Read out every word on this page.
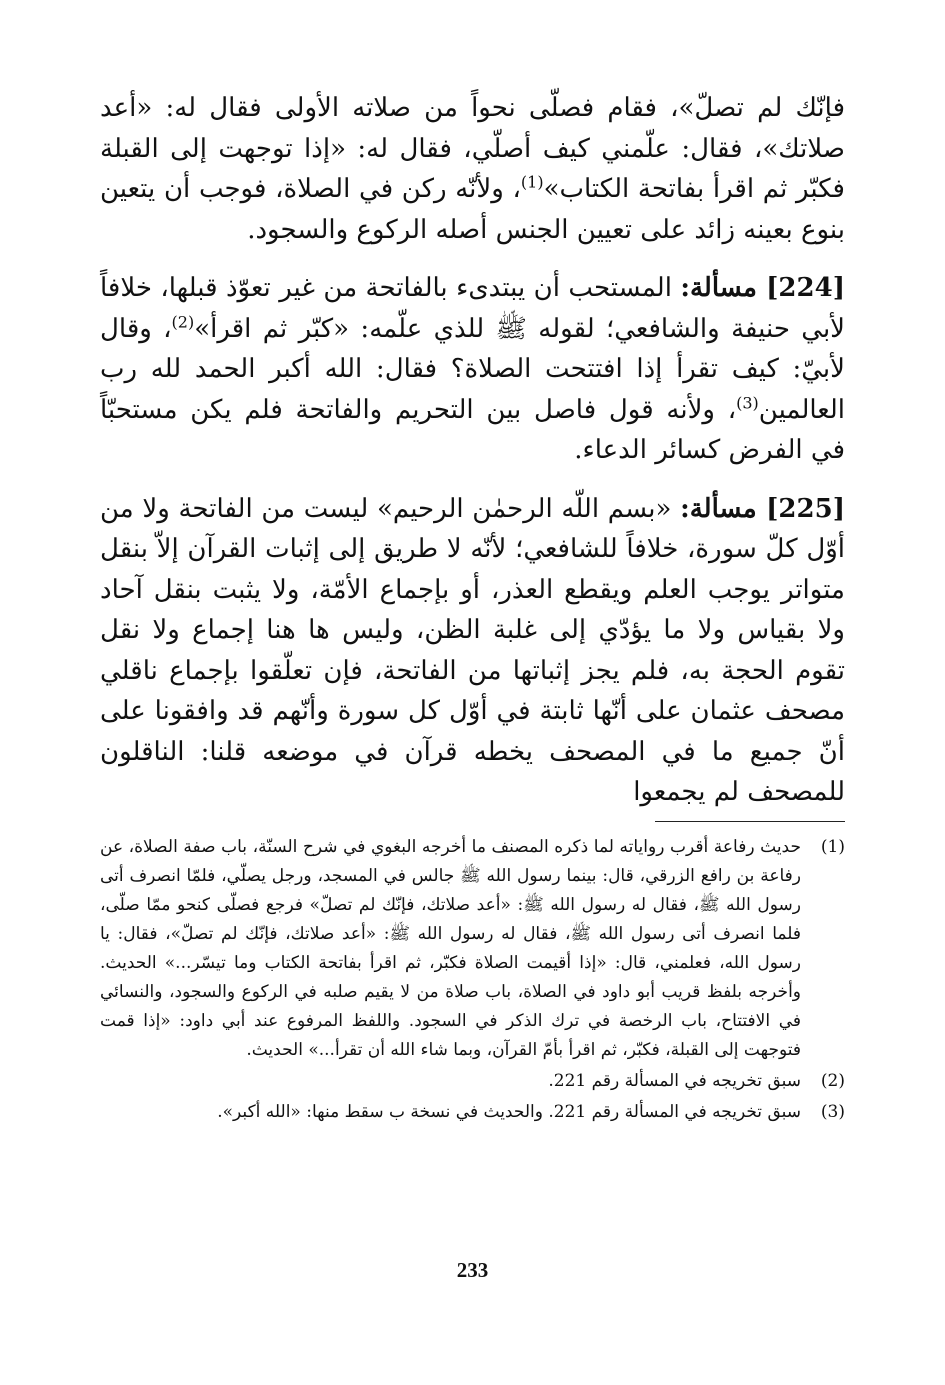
فإنّك لم تصلّ»، فقام فصلّى نحواً من صلاته الأولى فقال له: «أعد صلاتك»، فقال: علّمني كيف أصلّي، فقال له: «إذا توجهت إلى القبلة فكبّر ثم اقرأ بفاتحة الكتاب»$^{(1)}$، ولأنّه ركن في الصلاة، فوجب أن يتعين بنوع بعينه زائد على تعيين الجنس أصله الركوع والسجود.

[224] مسألة: المستحب أن يبتدىء بالفاتحة من غير تعوّذ قبلها، خلافاً لأبي حنيفة والشافعي؛ لقوله ﷺ للذي علّمه: «كبّر ثم اقرأ»$^{(2)}$، وقال لأبيّ: كيف تقرأ إذا افتتحت الصلاة؟ فقال: الله أكبر الحمد لله رب العالمين$^{(3)}$، ولأنه قول فاصل بين التحريم والفاتحة فلم يكن مستحبّاً في الفرض كسائر الدعاء.

[225] مسألة: «بسم اللّه الرحمٰن الرحيم» ليست من الفاتحة ولا من أوّل كلّ سورة، خلافاً للشافعي؛ لأنّه لا طريق إلى إثبات القرآن إلاّ بنقل متواتر يوجب العلم ويقطع العذر، أو بإجماع الأمّة، ولا يثبت بنقل آحاد ولا بقياس ولا ما يؤدّي إلى غلبة الظن، وليس ها هنا إجماع ولا نقل تقوم الحجة به، فلم يجز إثباتها من الفاتحة، فإن تعلّقوا بإجماع ناقلي مصحف عثمان على أنّها ثابتة في أوّل كل سورة وأنّهم قد وافقونا على أنّ جميع ما في المصحف يخطه قرآن في موضعه قلنا: الناقلون للمصحف لم يجمعوا

(1)
حديث رفاعة أقرب رواياته لما ذكره المصنف ما أخرجه البغوي في شرح السنّة، باب صفة الصلاة، عن رفاعة بن رافع الزرقي، قال: بينما رسول الله ﷺ جالس في المسجد، ورجل يصلّي، فلمّا انصرف أتى رسول الله ﷺ، فقال له رسول الله ﷺ: «أعد صلاتك، فإنّك لم تصلّ» فرجع فصلّى كنحو ممّا صلّى، فلما انصرف أتى رسول الله ﷺ، فقال له رسول الله ﷺ: «أعد صلاتك، فإنّك لم تصلّ»، فقال: يا رسول الله، فعلمني، قال: «إذا أقيمت الصلاة فكبّر، ثم اقرأ بفاتحة الكتاب وما تيسّر...» الحديث. وأخرجه بلفظ قريب أبو داود في الصلاة، باب صلاة من لا يقيم صلبه في الركوع والسجود، والنسائي في الافتتاح، باب الرخصة في ترك الذكر في السجود. واللفظ المرفوع عند أبي داود: «إذا قمت فتوجهت إلى القبلة، فكبّر، ثم اقرأ بأمّ القرآن، وبما شاء الله أن تقرأ...» الحديث.
(2)
سبق تخريجه في المسألة رقم 221.
(3)
سبق تخريجه في المسألة رقم 221. والحديث في نسخة ب سقط منها: «الله أكبر».
233
